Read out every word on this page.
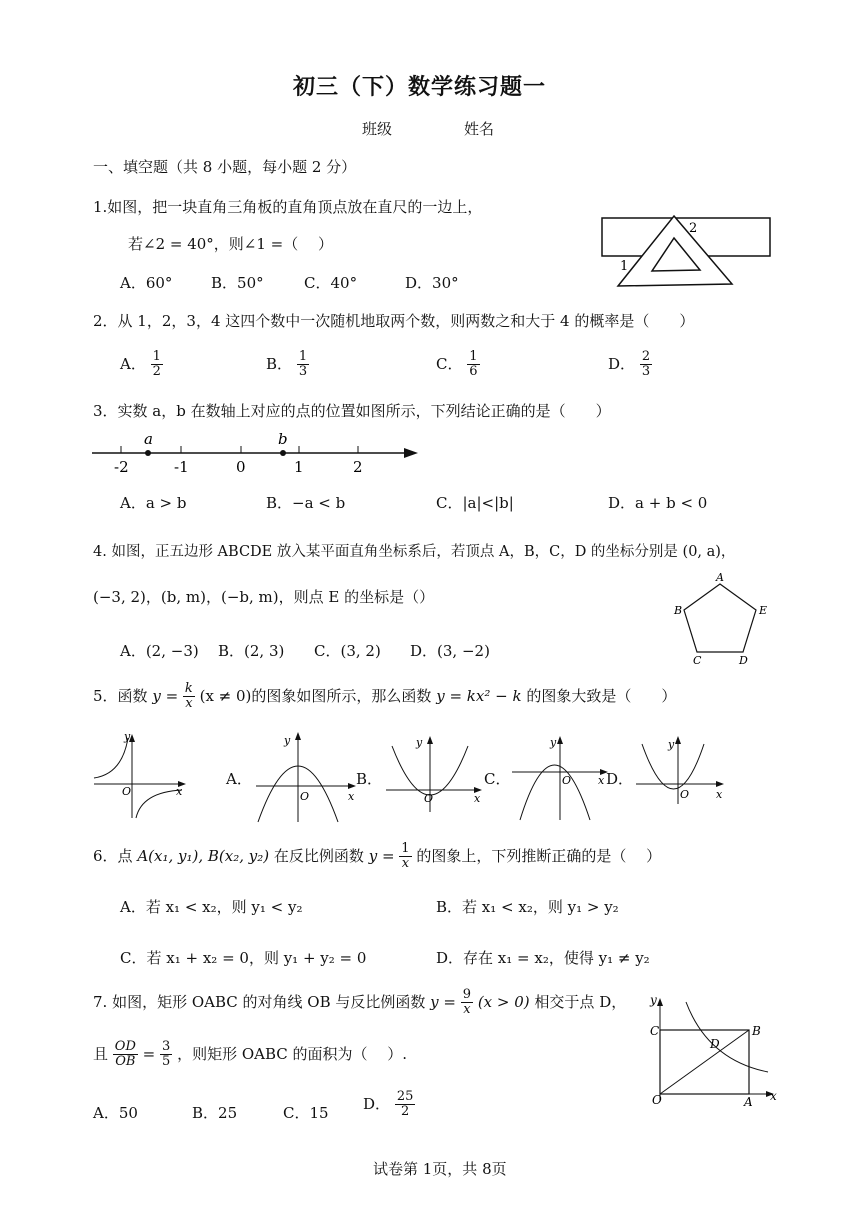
初三（下）数学练习题一
班级	姓名
一、填空题（共 8 小题，每小题 2 分）
1.如图，把一块直角三角板的直角顶点放在直尺的一边上，
若∠2 = 40°，则∠1 =（　 ）
A．60°	B．50°	C．40°	D．30°
1
2
2．从 1，2，3，4 这四个数中一次随机地取两个数，则两数之和大于 4 的概率是（　　）
A． $\frac{1}{2}$	B． $\frac{1}{3}$	C． $\frac{1}{6}$	D． $\frac{2}{3}$
3．实数 a，b 在数轴上对应的点的位置如图所示，下列结论正确的是（　　）
a	b
-2	-1	0	1	2
A．a > b	B．−a < b	C．|a|<|b|	D．a + b < 0
4. 如图，正五边形 ABCDE 放入某平面直角坐标系后，若顶点 A，B，C，D 的坐标分别是 (0, a)，
(−3, 2)，(b, m)，(−b, m)，则点 E 的坐标是（）
A
B
C	D
E
A．(2, −3) B．(2, 3) C．(3, 2) D．(3, −2)
5．函数 $y = \frac{k}{x} (x \ne 0)$的图象如图所示，那么函数 y = kx² − k 的图象大致是（　　）
y
x
O
A．
y
x
O
B．
y
x
O
C．
y
x
O D．
y
x
O
6．点 A(x₁, y₁), B(x₂, y₂) 在反比例函数 $y = \frac{1}{x}$ 的图象上，下列推断正确的是（　 ）
A．若 x₁ < x₂，则 y₁ < y₂	B．若 x₁ < x₂，则 y₁ > y₂
C．若 x₁ + x₂ = 0，则 y₁ + y₂ = 0	D．存在 x₁ = x₂，使得 y₁ ≠ y₂
7. 如图，矩形 OABC 的对角线 OB 与反比例函数 $y = \frac{9}{x} (x > 0)$ 相交于点 D，
且 $\frac{OD}{OB} = \frac{3}{5}$ ，则矩形 OABC 的面积为（　 ）.
A．50	B．25	C．15
D． $\frac{25}{2}$
y
C	B
D
O	A x
试卷第 1页，共 8页
